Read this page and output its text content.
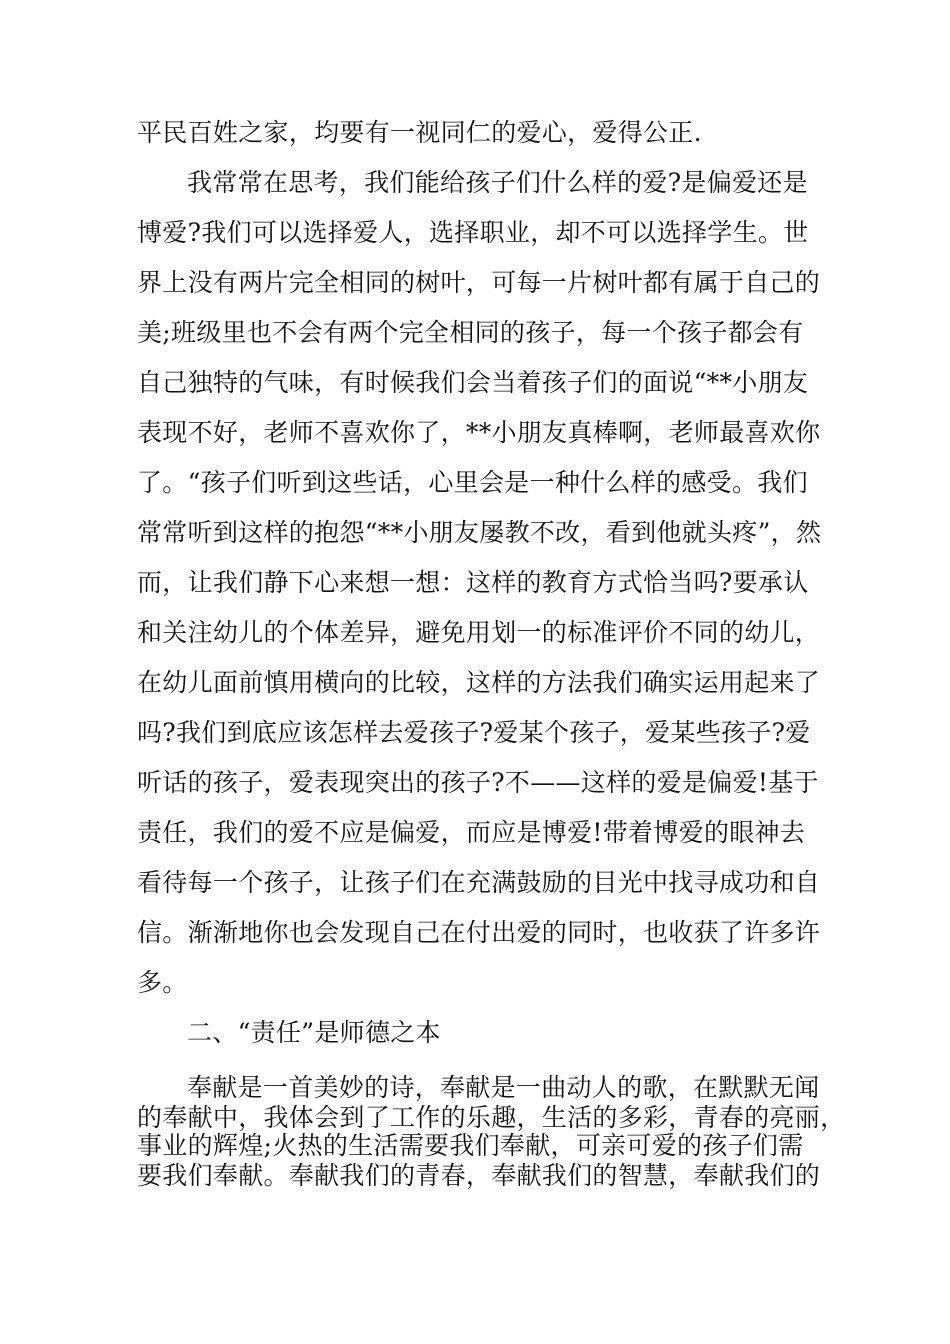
平民百姓之家，均要有一视同仁的爱心，爱得公正.
我常常在思考，我们能给孩子们什么样的爱?是偏爱还是
博爱?我们可以选择爱人，选择职业，却不可以选择学生。世
界上没有两片完全相同的树叶，可每一片树叶都有属于自己的
美;班级里也不会有两个完全相同的孩子，每一个孩子都会有
自己独特的气味，有时候我们会当着孩子们的面说“**小朋友
表现不好，老师不喜欢你了，**小朋友真棒啊，老师最喜欢你
了。“孩子们听到这些话，心里会是一种什么样的感受。我们
常常听到这样的抱怨“**小朋友屡教不改，看到他就头疼”，然
而，让我们静下心来想一想：这样的教育方式恰当吗?要承认
和关注幼儿的个体差异，避免用划一的标准评价不同的幼儿，
在幼儿面前慎用横向的比较，这样的方法我们确实运用起来了
吗?我们到底应该怎样去爱孩子?爱某个孩子，爱某些孩子?爱
听话的孩子，爱表现突出的孩子?不——这样的爱是偏爱!基于
责任，我们的爱不应是偏爱，而应是博爱!带着博爱的眼神去
看待每一个孩子，让孩子们在充满鼓励的目光中找寻成功和自
信。渐渐地你也会发现自己在付出爱的同时，也收获了许多许
多。
二、“责任”是师德之本
奉献是一首美妙的诗，奉献是一曲动人的歌，在默默无闻
的奉献中，我体会到了工作的乐趣，生活的多彩，青春的亮丽，
事业的辉煌;火热的生活需要我们奉献，可亲可爱的孩子们需
要我们奉献。奉献我们的青春，奉献我们的智慧，奉献我们的
